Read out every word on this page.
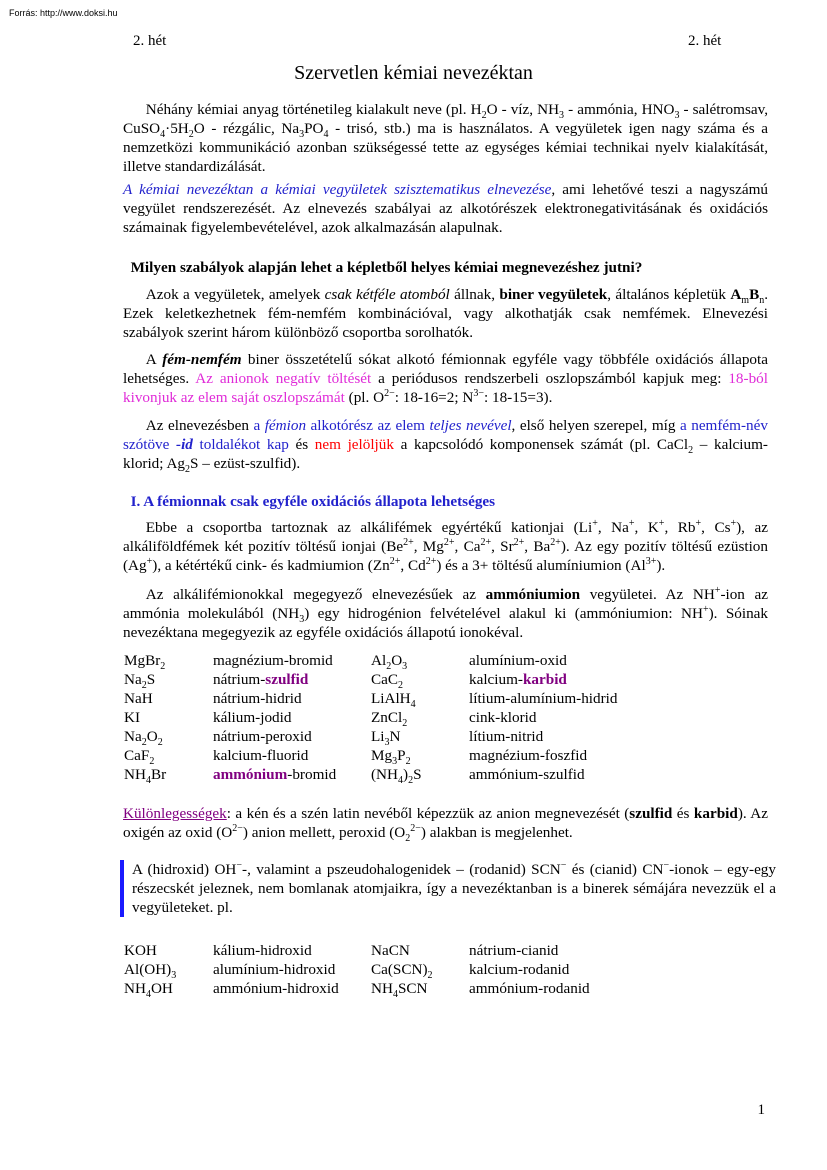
Forrás: http://www.doksi.hu
2. hét	2. hét
Szervetlen kémiai nevezéktan

  Néhány kémiai anyag történetileg kialakult neve (pl. $H_2O$ - víz, $NH_3$ - ammónia, $HNO_3$ - salétromsav, $CuSO_4\cdot 5H_2O$ - rézgálic, $Na_3PO_4$ - trisó, stb.) ma is használatos. A vegyületek igen nagy száma és a nemzetközi kommunikáció azonban szükségessé tette az egységes kémiai technikai nyelv kialakítását, illetve standardizálását.

A kémiai nevezéktan a kémiai vegyületek szisztematikus elnevezése, ami lehetővé teszi a nagyszámú vegyület rendszerezését. Az elnevezés szabályai az alkotórészek elektronegativitásának és oxidációs számainak figyelembevételével, azok alkalmazásán alapulnak.

 Milyen szabályok alapján lehet a képletből helyes kémiai megnevezéshez jutni?

  Azok a vegyületek, amelyek csak kétféle atomból állnak, biner vegyületek, általános képletük $A_mB_n$. Ezek keletkezhetnek fém-nemfém kombinációval, vagy alkothatják csak nemfémek. Elnevezési szabályok szerint három különböző csoportba sorolhatók.

  A fém-nemfém biner összetételű sókat alkotó fémionnak egyféle vagy többféle oxidációs állapota lehetséges. Az anionok negatív töltését a periódusos rendszerbeli oszlopszámból kapjuk meg: 18-ból kivonjuk az elem saját oszlopszámát (pl. $O^{2-}$: 18-16=2; $N^{3-}$: 18-15=3).

  Az elnevezésben a fémion alkotórész az elem teljes nevével, első helyen szerepel, míg a nemfém-név szótöve -id toldalékot kap és nem jelöljük a kapcsolódó komponensek számát (pl. CaCl$_2$ – kalcium-klorid; $Ag_2S$ – ezüst-szulfid).

 I. A fémionnak csak egyféle oxidációs állapota lehetséges

  Ebbe a csoportba tartoznak az alkálifémek egyértékű kationjai (Li+, Na+, K+, Rb+, Cs+), az alkáliföldfémek két pozitív töltésű ionjai ($Be^{2+}$, $Mg^{2+}$, $Ca^{2+}$, $Sr^{2+}$, $Ba^{2+}$). Az egy pozitív töltésű ezüstion (Ag+), a kétértékű cink- és kadmiumion ($Zn^{2+}$, $Cd^{2+}$) és a 3+ töltésű alumíniumion $(Al^{3+})$.

  Az alkálifémionokkal megegyező elnevezésűek az ammóniumion vegyületei. Az NH+-ion az ammónia molekulából $(NH_3)$ egy hidrogénion felvételével alakul ki (ammóniumion: NH+). Sóinak nevezéktana megegyezik az egyféle oxidációs állapotú ionokéval.

MgBr$_2$	magnézium-bromid	$Al_2O_3$	alumínium-oxid
$Na_2S$	nátrium-szulfid	CaC$_2$	kalcium-karbid
NaH	nátrium-hidrid	LiAlH$_4$	lítium-alumínium-hidrid
KI	kálium-jodid	ZnCl$_2$	cink-klorid
$Na_2O_2$	nátrium-peroxid	$Li_3N$	lítium-nitrid
CaF$_2$	kalcium-fluorid	$Mg_3P_2$	magnézium-foszfid
$NH_4Br$	ammónium-bromid	$(NH_4)_2S$	ammónium-szulfid

Különlegességek: a kén és a szén latin nevéből képezzük az anion megnevezését (szulfid és karbid). Az oxigén az oxid $(O^{2-})$ anion mellett, peroxid $(O_2^{2-})$ alakban is megjelenhet.

A (hidroxid) OH−-, valamint a pszeudohalogenidek – (rodanid) SCN− és (cianid) CN−-ionok – egy-egy részecskét jeleznek, nem bomlanak atomjaikra, így a nevezéktanban is a binerek sémájára nevezzük el a vegyületeket. pl.

KOH	kálium-hidroxid	NaCN	nátrium-cianid
$Al(OH)_3$	alumínium-hidroxid	$Ca(SCN)_2$	kalcium-rodanid
$NH_4OH$	ammónium-hidroxid	$NH_4SCN$	ammónium-rodanid
1
